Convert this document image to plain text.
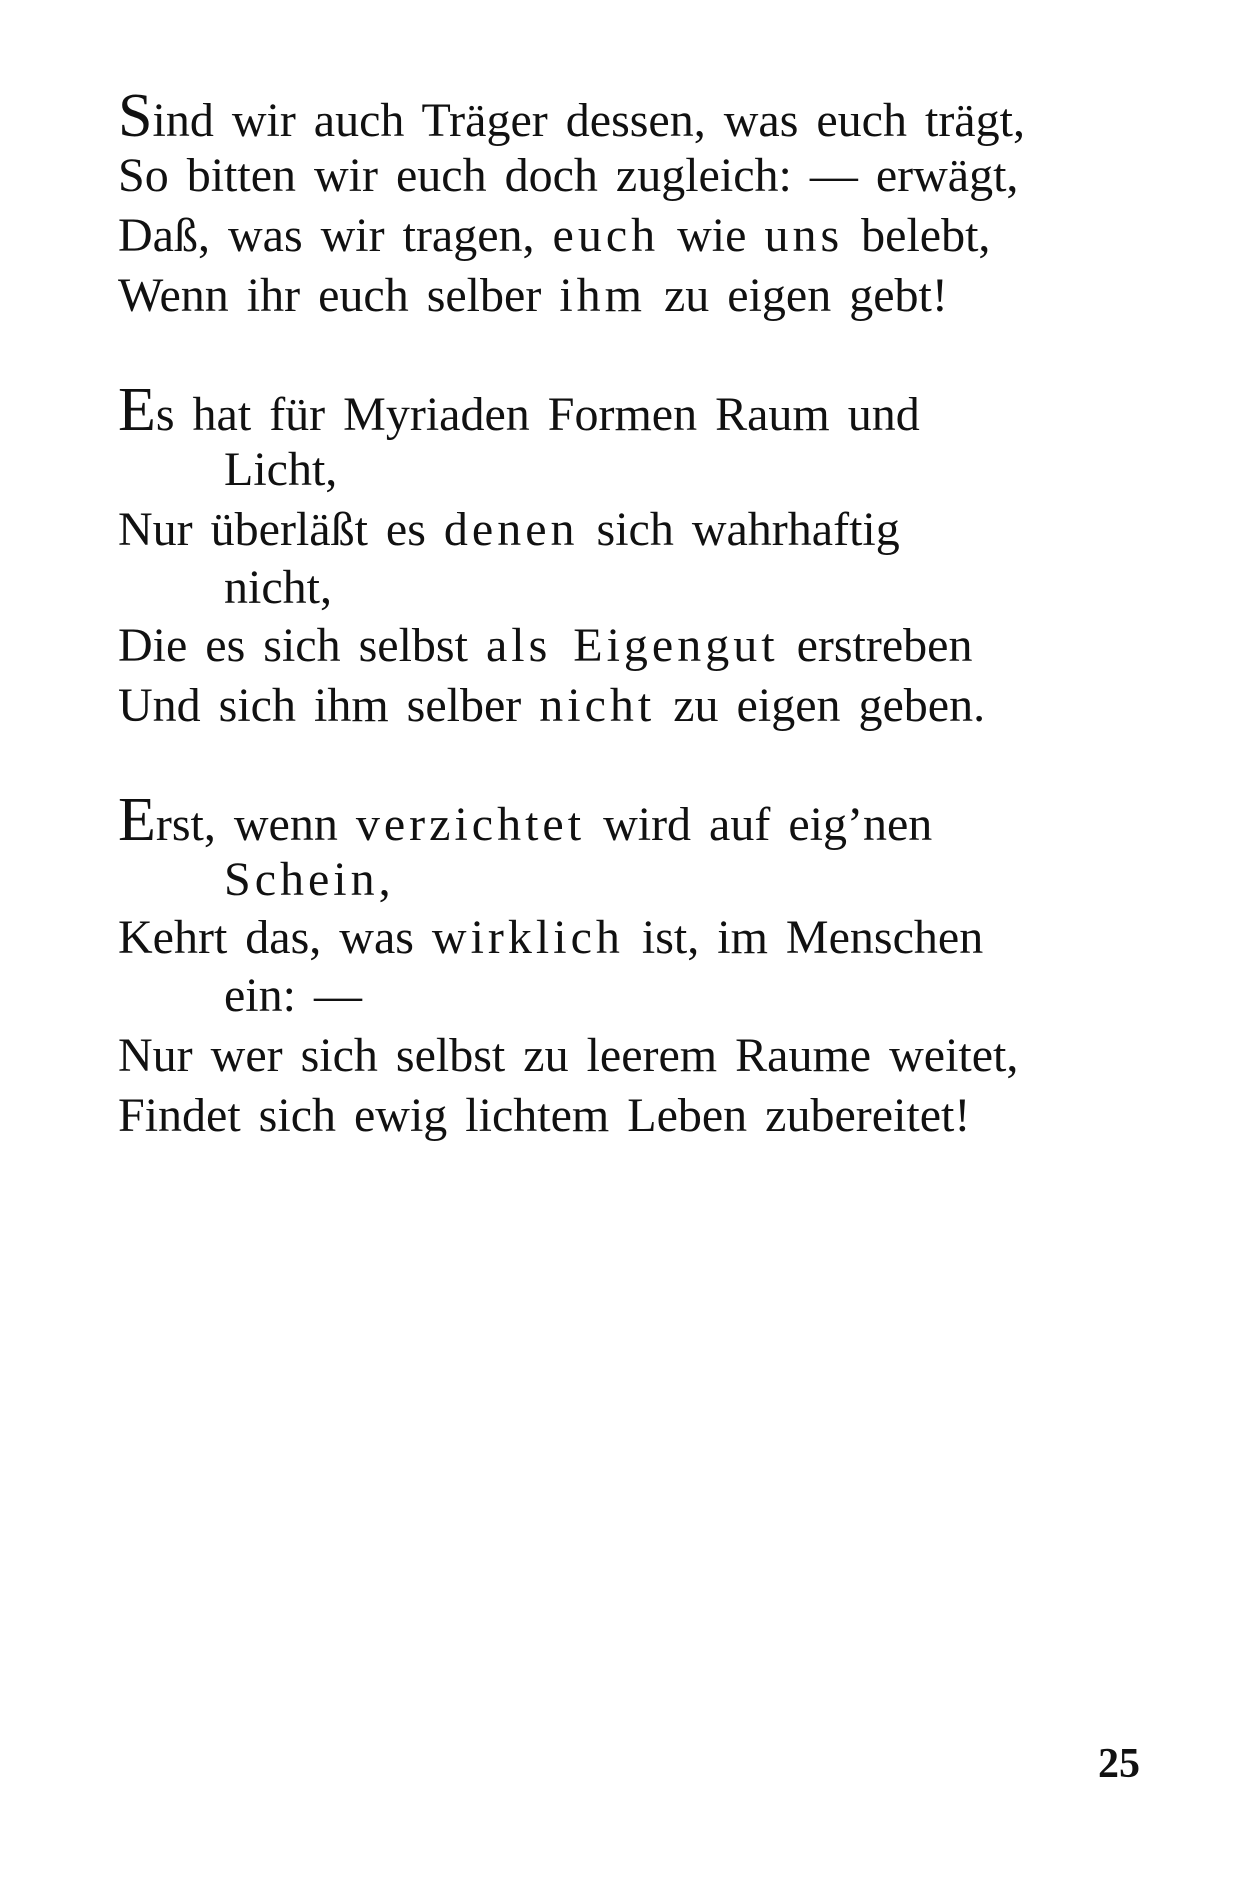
Sind wir auch Träger dessen, was euch trägt,
So bitten wir euch doch zugleich: — erwägt,
Daß, was wir tragen, euch wie uns belebt,
Wenn ihr euch selber ihm zu eigen gebt!
Es hat für Myriaden Formen Raum und
Licht,
Nur überläßt es denen sich wahrhaftig
nicht,
Die es sich selbst als Eigengut erstreben
Und sich ihm selber nicht zu eigen geben.
Erst, wenn verzichtet wird auf eig’nen
Schein,
Kehrt das, was wirklich ist, im Menschen
ein: —
Nur wer sich selbst zu leerem Raume weitet,
Findet sich ewig lichtem Leben zubereitet!
25
